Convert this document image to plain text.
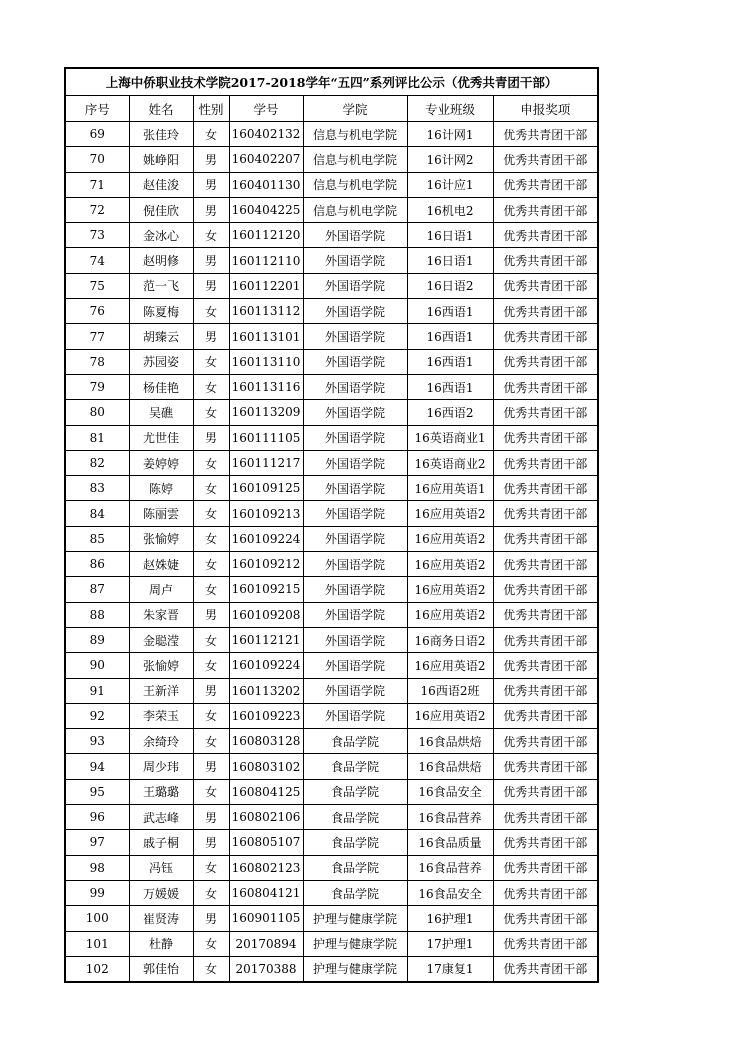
上海中侨职业技术学院2017-2018学年“五四”系列评比公示（优秀共青团干部）						
序号	姓名	性别	学号	学院	专业班级	申报奖项
69	张佳玲	女	160402132	信息与机电学院	16计网1	优秀共青团干部
70	姚峥阳	男	160402207	信息与机电学院	16计网2	优秀共青团干部
71	赵佳浚	男	160401130	信息与机电学院	16计应1	优秀共青团干部
72	倪佳欣	男	160404225	信息与机电学院	16机电2	优秀共青团干部
73	金冰心	女	160112120	外国语学院	16日语1	优秀共青团干部
74	赵明修	男	160112110	外国语学院	16日语1	优秀共青团干部
75	范一飞	男	160112201	外国语学院	16日语2	优秀共青团干部
76	陈夏梅	女	160113112	外国语学院	16西语1	优秀共青团干部
77	胡臻云	男	160113101	外国语学院	16西语1	优秀共青团干部
78	苏园姿	女	160113110	外国语学院	16西语1	优秀共青团干部
79	杨佳艳	女	160113116	外国语学院	16西语1	优秀共青团干部
80	吴礁	女	160113209	外国语学院	16西语2	优秀共青团干部
81	尤世佳	男	160111105	外国语学院	16英语商业1	优秀共青团干部
82	姜婷婷	女	160111217	外国语学院	16英语商业2	优秀共青团干部
83	陈婷	女	160109125	外国语学院	16应用英语1	优秀共青团干部
84	陈丽雲	女	160109213	外国语学院	16应用英语2	优秀共青团干部
85	张愉婷	女	160109224	外国语学院	16应用英语2	优秀共青团干部
86	赵姝婕	女	160109212	外国语学院	16应用英语2	优秀共青团干部
87	周卢	女	160109215	外国语学院	16应用英语2	优秀共青团干部
88	朱家晋	男	160109208	外国语学院	16应用英语2	优秀共青团干部
89	金聪滢	女	160112121	外国语学院	16商务日语2	优秀共青团干部
90	张愉婷	女	160109224	外国语学院	16应用英语2	优秀共青团干部
91	王新洋	男	160113202	外国语学院	16西语2班	优秀共青团干部
92	李荣玉	女	160109223	外国语学院	16应用英语2	优秀共青团干部
93	余绮玲	女	160803128	食品学院	16食品烘焙	优秀共青团干部
94	周少玮	男	160803102	食品学院	16食品烘焙	优秀共青团干部
95	王璐璐	女	160804125	食品学院	16食品安全	优秀共青团干部
96	武志峰	男	160802106	食品学院	16食品营养	优秀共青团干部
97	戚子桐	男	160805107	食品学院	16食品质量	优秀共青团干部
98	冯钰	女	160802123	食品学院	16食品营养	优秀共青团干部
99	万媛媛	女	160804121	食品学院	16食品安全	优秀共青团干部
100	崔贤涛	男	160901105	护理与健康学院	16护理1	优秀共青团干部
101	杜静	女	20170894	护理与健康学院	17护理1	优秀共青团干部
102	郭佳怡	女	20170388	护理与健康学院	17康复1	优秀共青团干部
